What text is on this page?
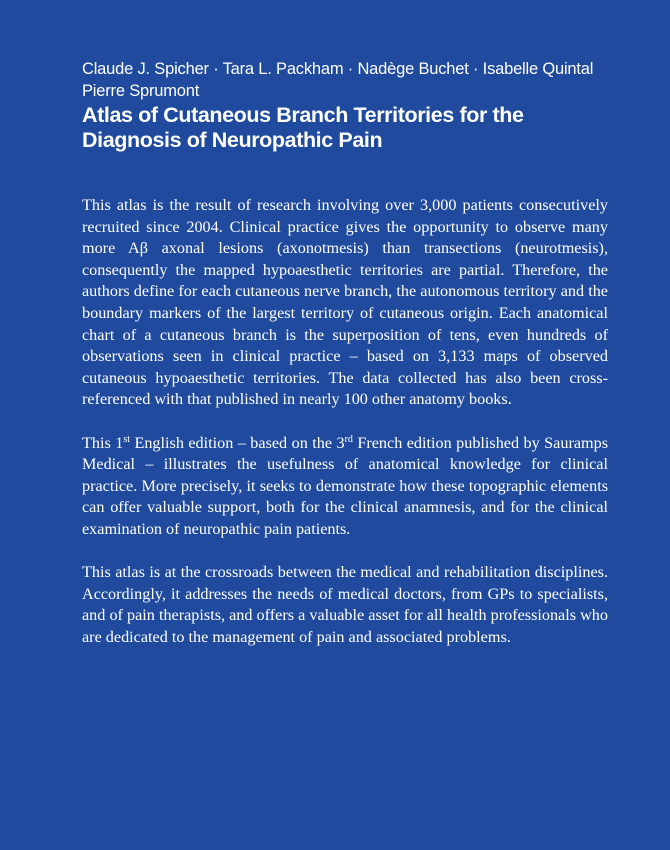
Claude J. Spicher · Tara L. Packham · Nadège Buchet · Isabelle Quintal
Pierre Sprumont
Atlas of Cutaneous Branch Territories for the Diagnosis of Neuropathic Pain

This atlas is the result of research involving over 3,000 patients consecutively recruited since 2004. Clinical practice gives the opportunity to observe many more Aβ axonal lesions (axonotmesis) than transections (neurotmesis), consequently the mapped hypoaesthetic territories are partial. Therefore, the authors define for each cutaneous nerve branch, the autonomous territory and the boundary markers of the largest territory of cutaneous origin. Each anatomical chart of a cutaneous branch is the superposition of tens, even hundreds of observations seen in clinical practice – based on 3,133 maps of observed cutaneous hypoaesthetic territories. The data collected has also been cross-referenced with that published in nearly 100 other anatomy books.

This 1st English edition – based on the 3rd French edition published by Sauramps Medical – illustrates the usefulness of anatomical knowledge for clinical practice. More precisely, it seeks to demonstrate how these topographic elements can offer valuable support, both for the clinical anamnesis, and for the clinical examination of neuropathic pain patients.

This atlas is at the crossroads between the medical and rehabilitation disciplines. Accordingly, it addresses the needs of medical doctors, from GPs to specialists, and of pain therapists, and offers a valuable asset for all health professionals who are dedicated to the management of pain and associated problems.
